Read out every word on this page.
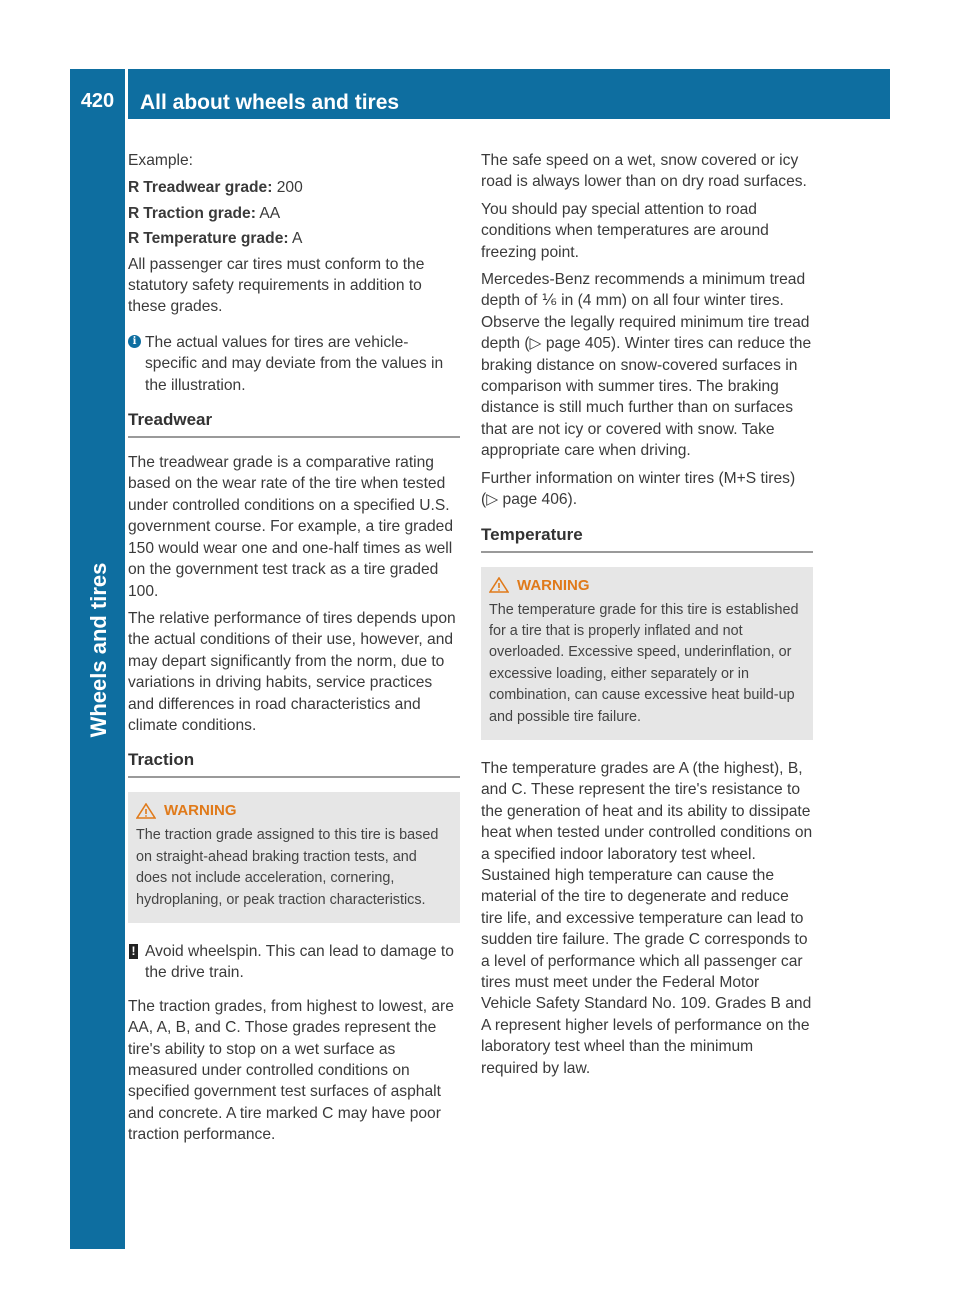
420	All about wheels and tires
Wheels and tires

Example:

R Treadwear grade: 200
R Traction grade: AA
R Temperature grade: A

All passenger car tires must conform to the statutory safety requirements in addition to these grades.

i The actual values for tires are vehicle-specific and may deviate from the values in the illustration.
Treadwear

The treadwear grade is a comparative rating based on the wear rate of the tire when tested under controlled conditions on a specified U.S. government course. For example, a tire graded 150 would wear one and one-half times as well on the government test track as a tire graded 100.

The relative performance of tires depends upon the actual conditions of their use, however, and may depart significantly from the norm, due to variations in driving habits, service practices and differences in road characteristics and climate conditions.

Traction
WARNING
The traction grade assigned to this tire is based on straight-ahead braking traction tests, and does not include acceleration, cornering, hydroplaning, or peak traction characteristics.
! Avoid wheelspin. This can lead to damage to the drive train.

The traction grades, from highest to lowest, are AA, A, B, and C. Those grades represent the tire's ability to stop on a wet surface as measured under controlled conditions on specified government test surfaces of asphalt and concrete. A tire marked C may have poor traction performance.

The safe speed on a wet, snow covered or icy road is always lower than on dry road surfaces.

You should pay special attention to road conditions when temperatures are around freezing point.

Mercedes-Benz recommends a minimum tread depth of ⅙ in (4 mm) on all four winter tires. Observe the legally required minimum tire tread depth (▷ page 405). Winter tires can reduce the braking distance on snow-covered surfaces in comparison with summer tires. The braking distance is still much further than on surfaces that are not icy or covered with snow. Take appropriate care when driving.

Further information on winter tires (M+S tires) (▷ page 406).

Temperature
WARNING
The temperature grade for this tire is established for a tire that is properly inflated and not overloaded. Excessive speed, underinflation, or excessive loading, either separately or in combination, can cause excessive heat build-up and possible tire failure.

The temperature grades are A (the highest), B, and C. These represent the tire's resistance to the generation of heat and its ability to dissipate heat when tested under controlled conditions on a specified indoor laboratory test wheel. Sustained high temperature can cause the material of the tire to degenerate and reduce tire life, and excessive temperature can lead to sudden tire failure. The grade C corresponds to a level of performance which all passenger car tires must meet under the Federal Motor Vehicle Safety Standard No. 109. Grades B and A represent higher levels of performance on the laboratory test wheel than the minimum required by law.
